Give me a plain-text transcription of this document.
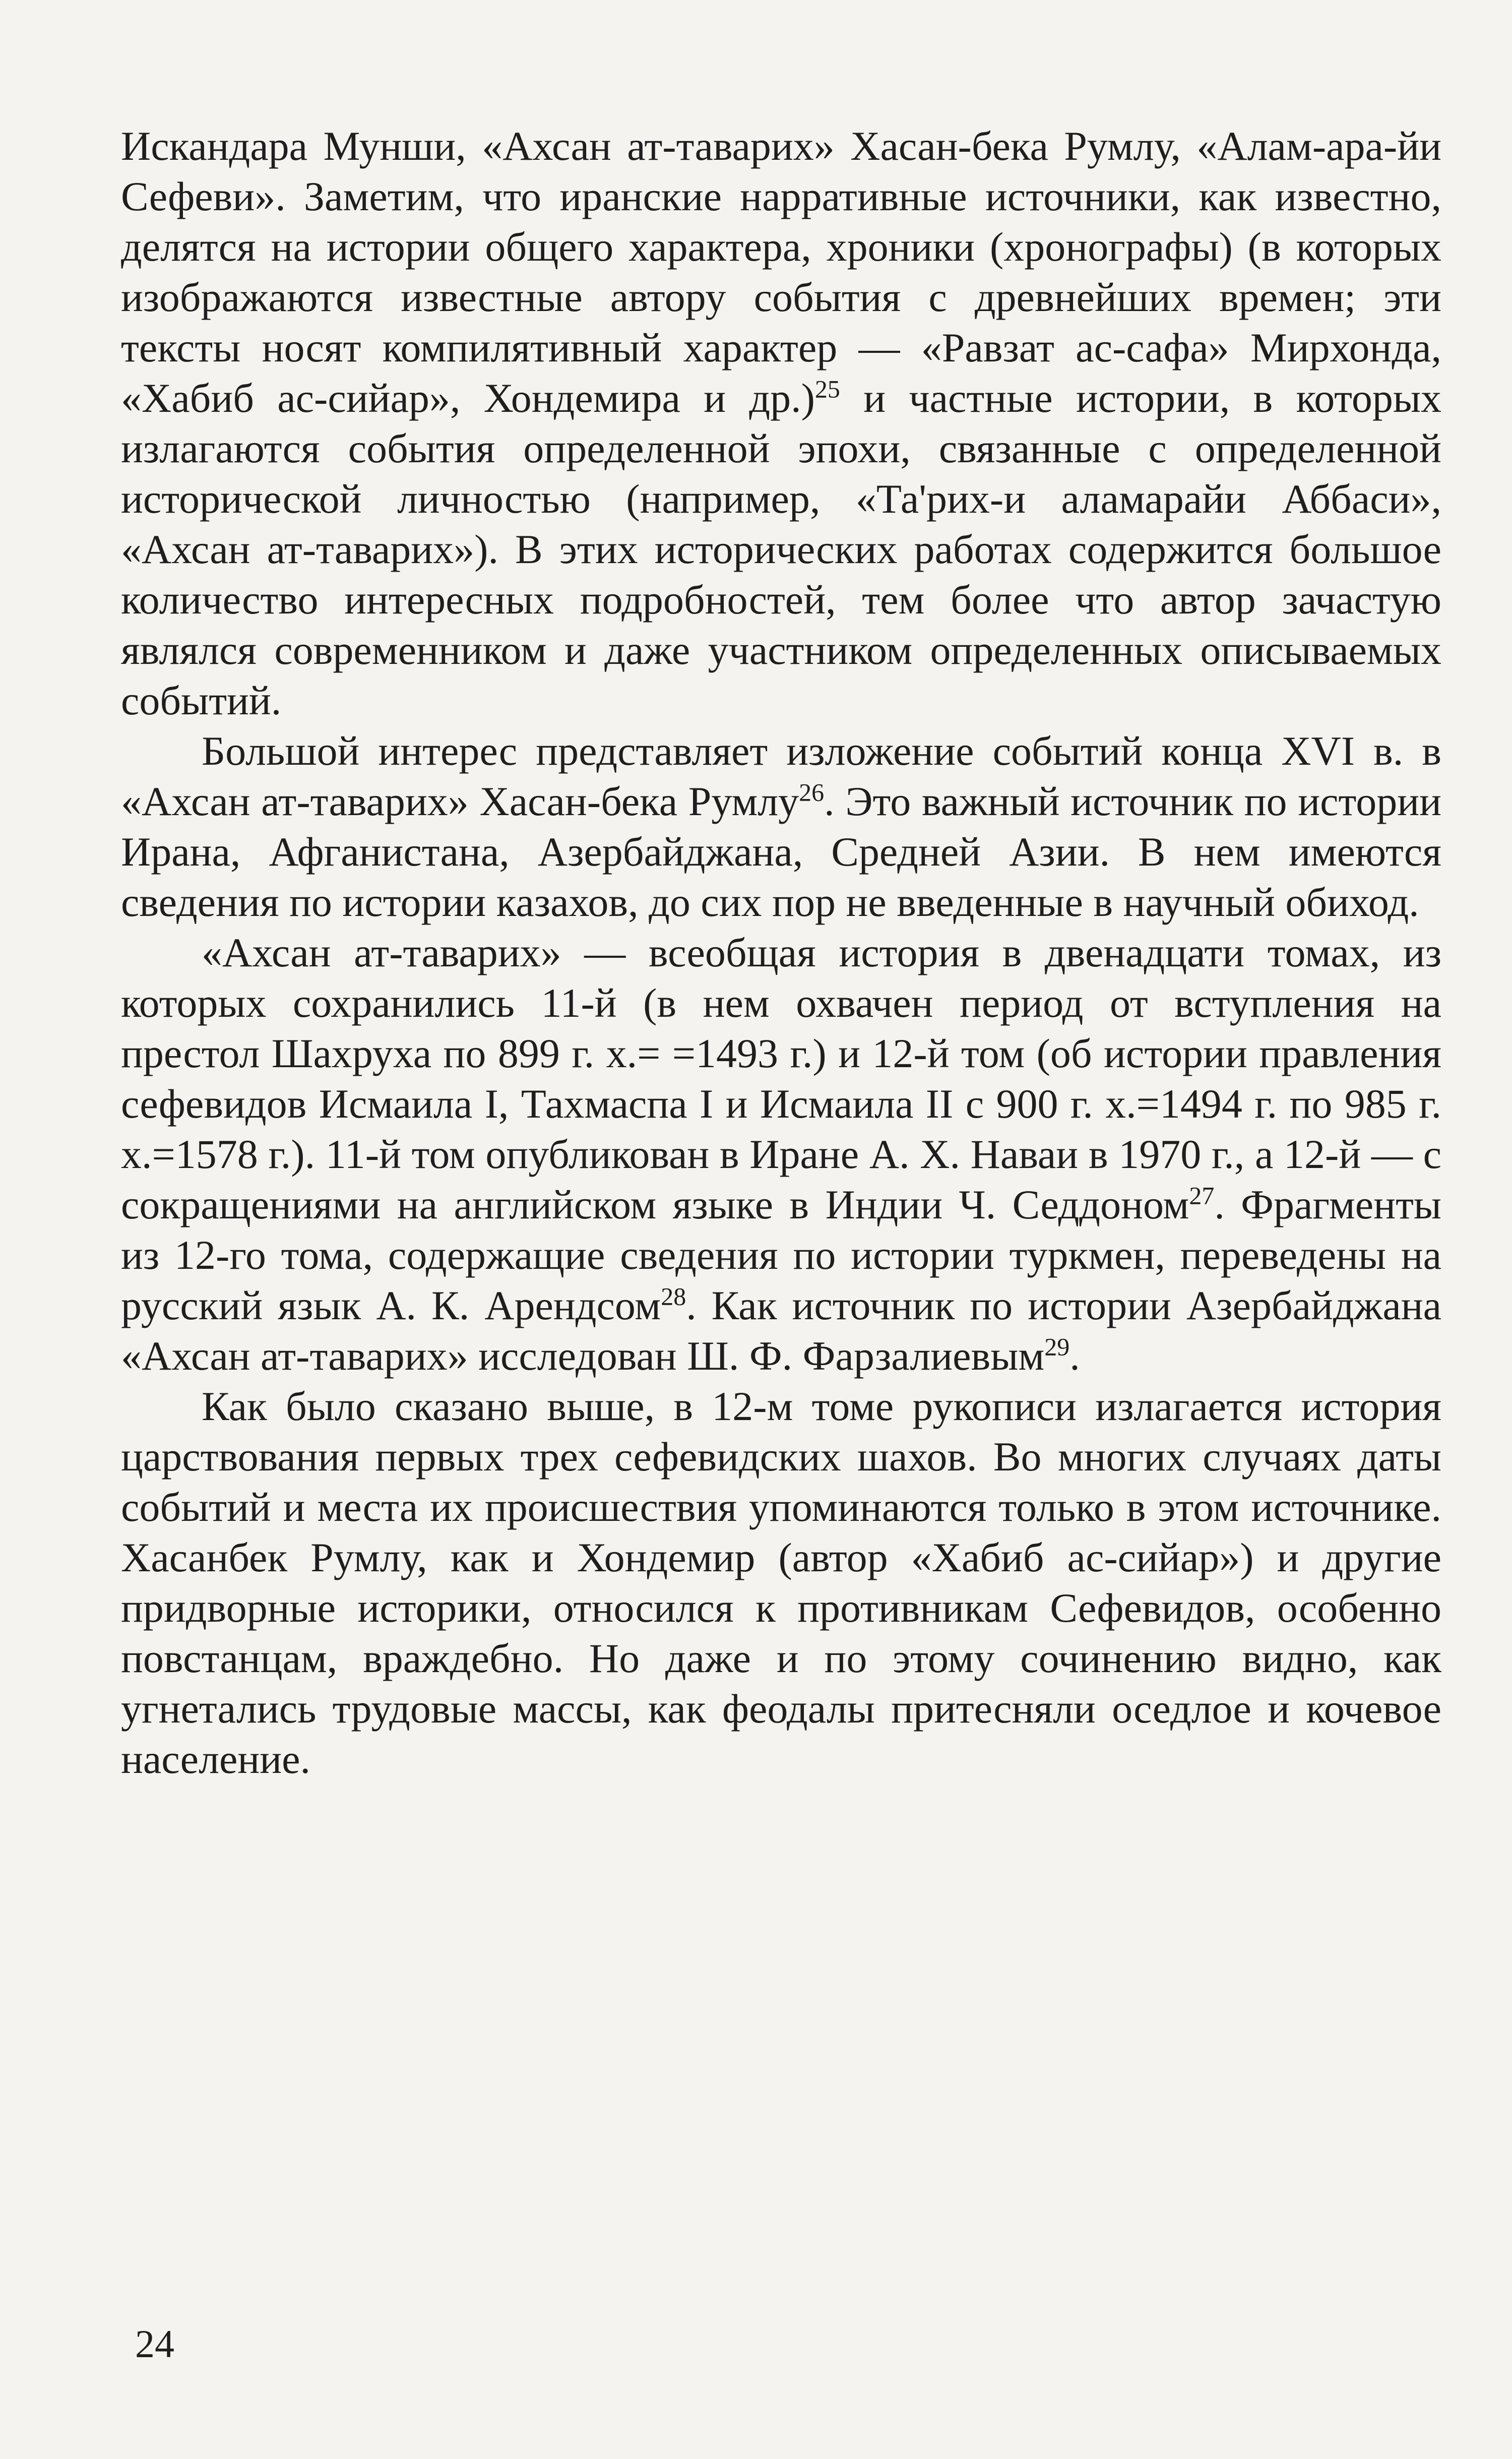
Искандара Мунши, «Ахсан ат-таварих» Хасан-бека Румлу, «Алам-ара-йи Сефеви». Заметим, что иранские нарративные источники, как известно, делятся на истории общего характера, хроники (хронографы) (в которых изображаются известные автору события с древнейших времен; эти тексты носят компилятивный характер — «Равзат ас-сафа» Мирхонда, «Хабиб ас-сийар», Хондемира и др.)$^{25}$ и частные истории, в которых излагаются события определенной эпохи, связанные с определенной исторической личностью (например, «Та'рих-и аламарайи Аббаси», «Ахсан ат-таварих»). В этих исторических работах содержится большое количество интересных подробностей, тем более что автор зачастую являлся современником и даже участником определенных описываемых событий.

Большой интерес представляет изложение событий конца XVI в. в «Ахсан ат-таварих» Хасан-бека Румлу$^{26}$. Это важный источник по истории Ирана, Афганистана, Азербайджана, Средней Азии. В нем имеются сведения по истории казахов, до сих пор не введенные в научный обиход.

«Ахсан ат-таварих» — всеобщая история в двенадцати томах, из которых сохранились 11-й (в нем охвачен период от вступления на престол Шахруха по 899 г. х.= =1493 г.) и 12-й том (об истории правления сефевидов Исмаила I, Тахмаспа I и Исмаила II с 900 г. х.=1494 г. по 985 г. х.=1578 г.). 11-й том опубликован в Иране А. Х. Наваи в 1970 г., а 12-й — с сокращениями на английском языке в Индии Ч. Седдоном$^{27}$. Фрагменты из 12-го тома, содержащие сведения по истории туркмен, переведены на русский язык А. К. Арендсом$^{28}$. Как источник по истории Азербайджана «Ахсан ат-таварих» исследован Ш. Ф. Фарзалиевым$^{29}$.

Как было сказано выше, в 12-м томе рукописи излагается история царствования первых трех сефевидских шахов. Во многих случаях даты событий и места их происшествия упоминаются только в этом источнике. Хасанбек Румлу, как и Хондемир (автор «Хабиб ас-сийар») и другие придворные историки, относился к противникам Сефевидов, особенно повстанцам, враждебно. Но даже и по этому сочинению видно, как угнетались трудовые массы, как феодалы притесняли оседлое и кочевое население.

24
